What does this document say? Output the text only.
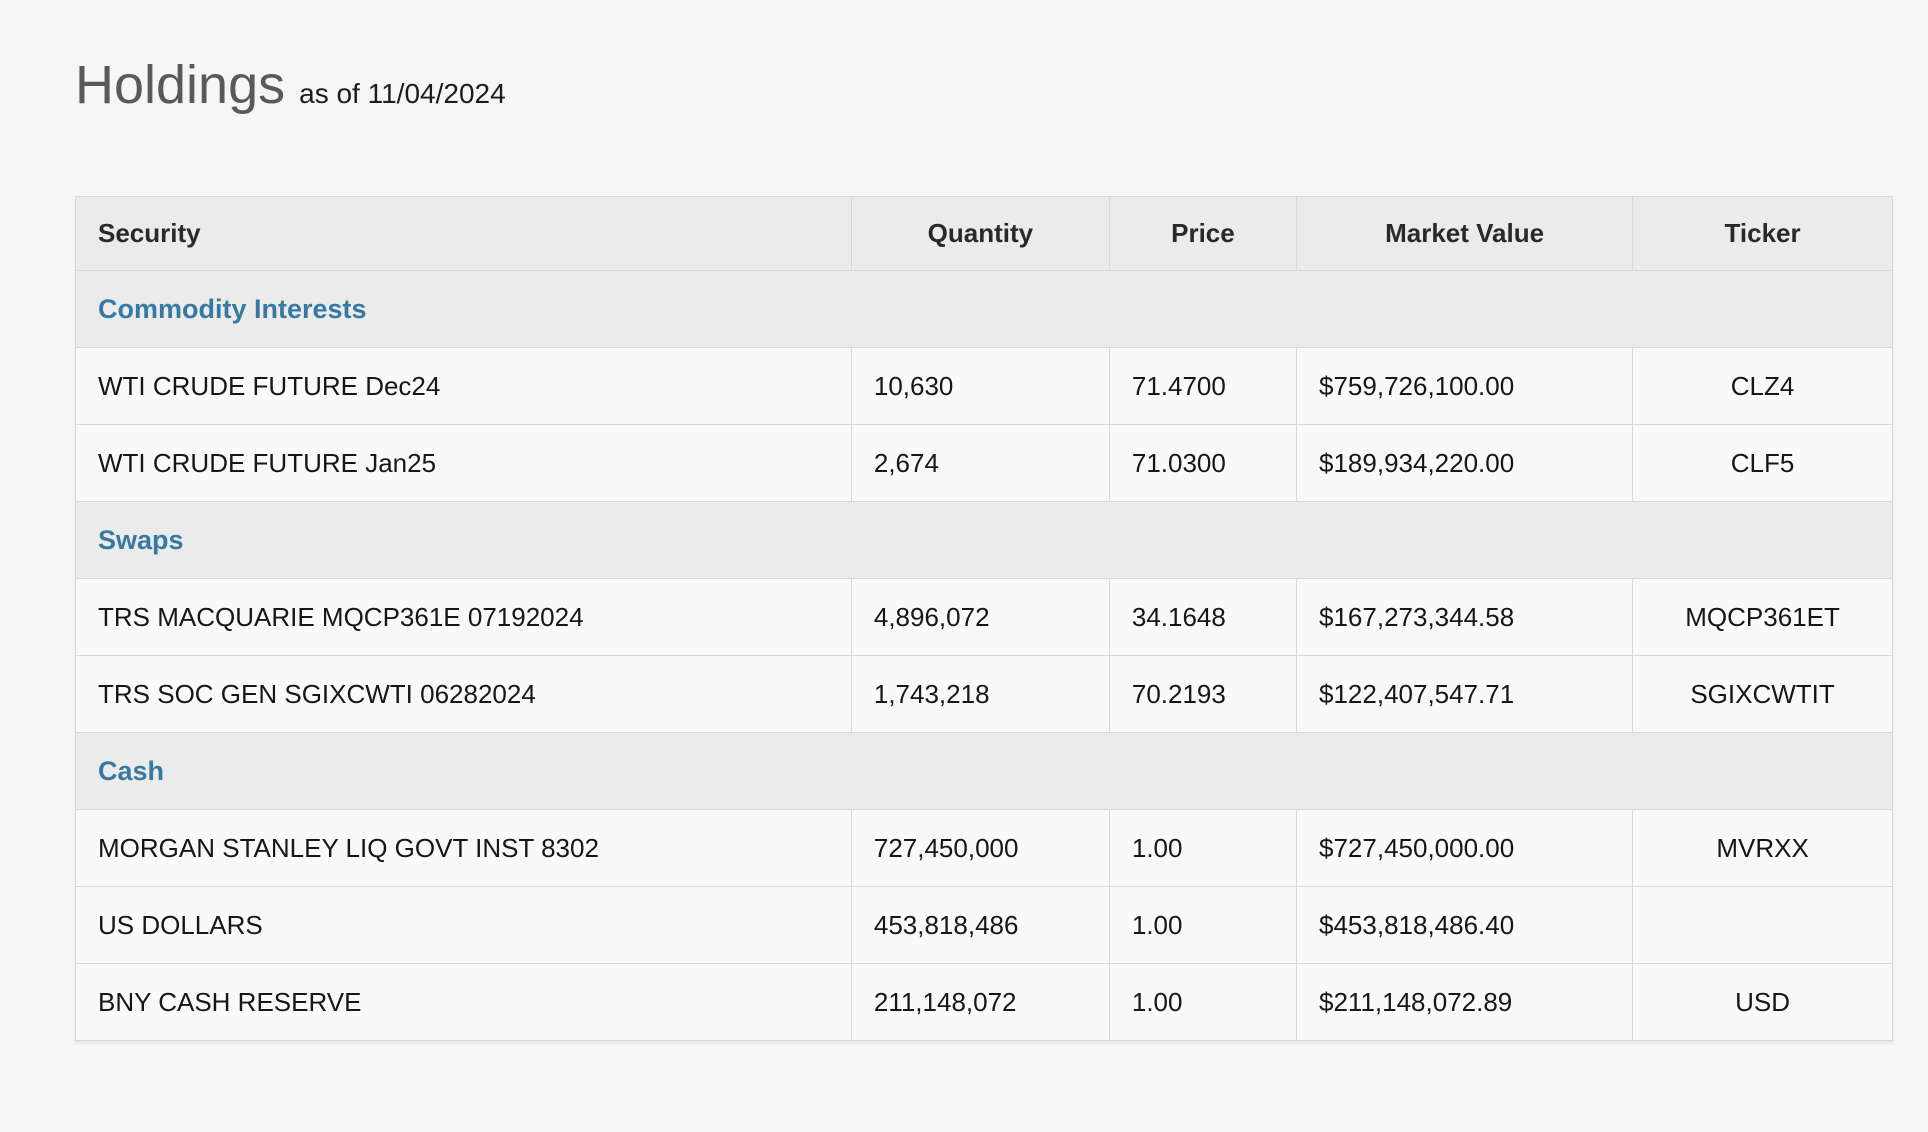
Holdings as of 11/04/2024
Security	Quantity	Price	Market Value	Ticker
Commodity Interests				
WTI CRUDE FUTURE Dec24	10,630	71.4700	$759,726,100.00	CLZ4
WTI CRUDE FUTURE Jan25	2,674	71.0300	$189,934,220.00	CLF5
Swaps				
TRS MACQUARIE MQCP361E 07192024	4,896,072	34.1648	$167,273,344.58	MQCP361ET
TRS SOC GEN SGIXCWTI 06282024	1,743,218	70.2193	$122,407,547.71	SGIXCWTIT
Cash				
MORGAN STANLEY LIQ GOVT INST 8302	727,450,000	1.00	$727,450,000.00	MVRXX
US DOLLARS	453,818,486	1.00	$453,818,486.40	
BNY CASH RESERVE	211,148,072	1.00	$211,148,072.89	USD
